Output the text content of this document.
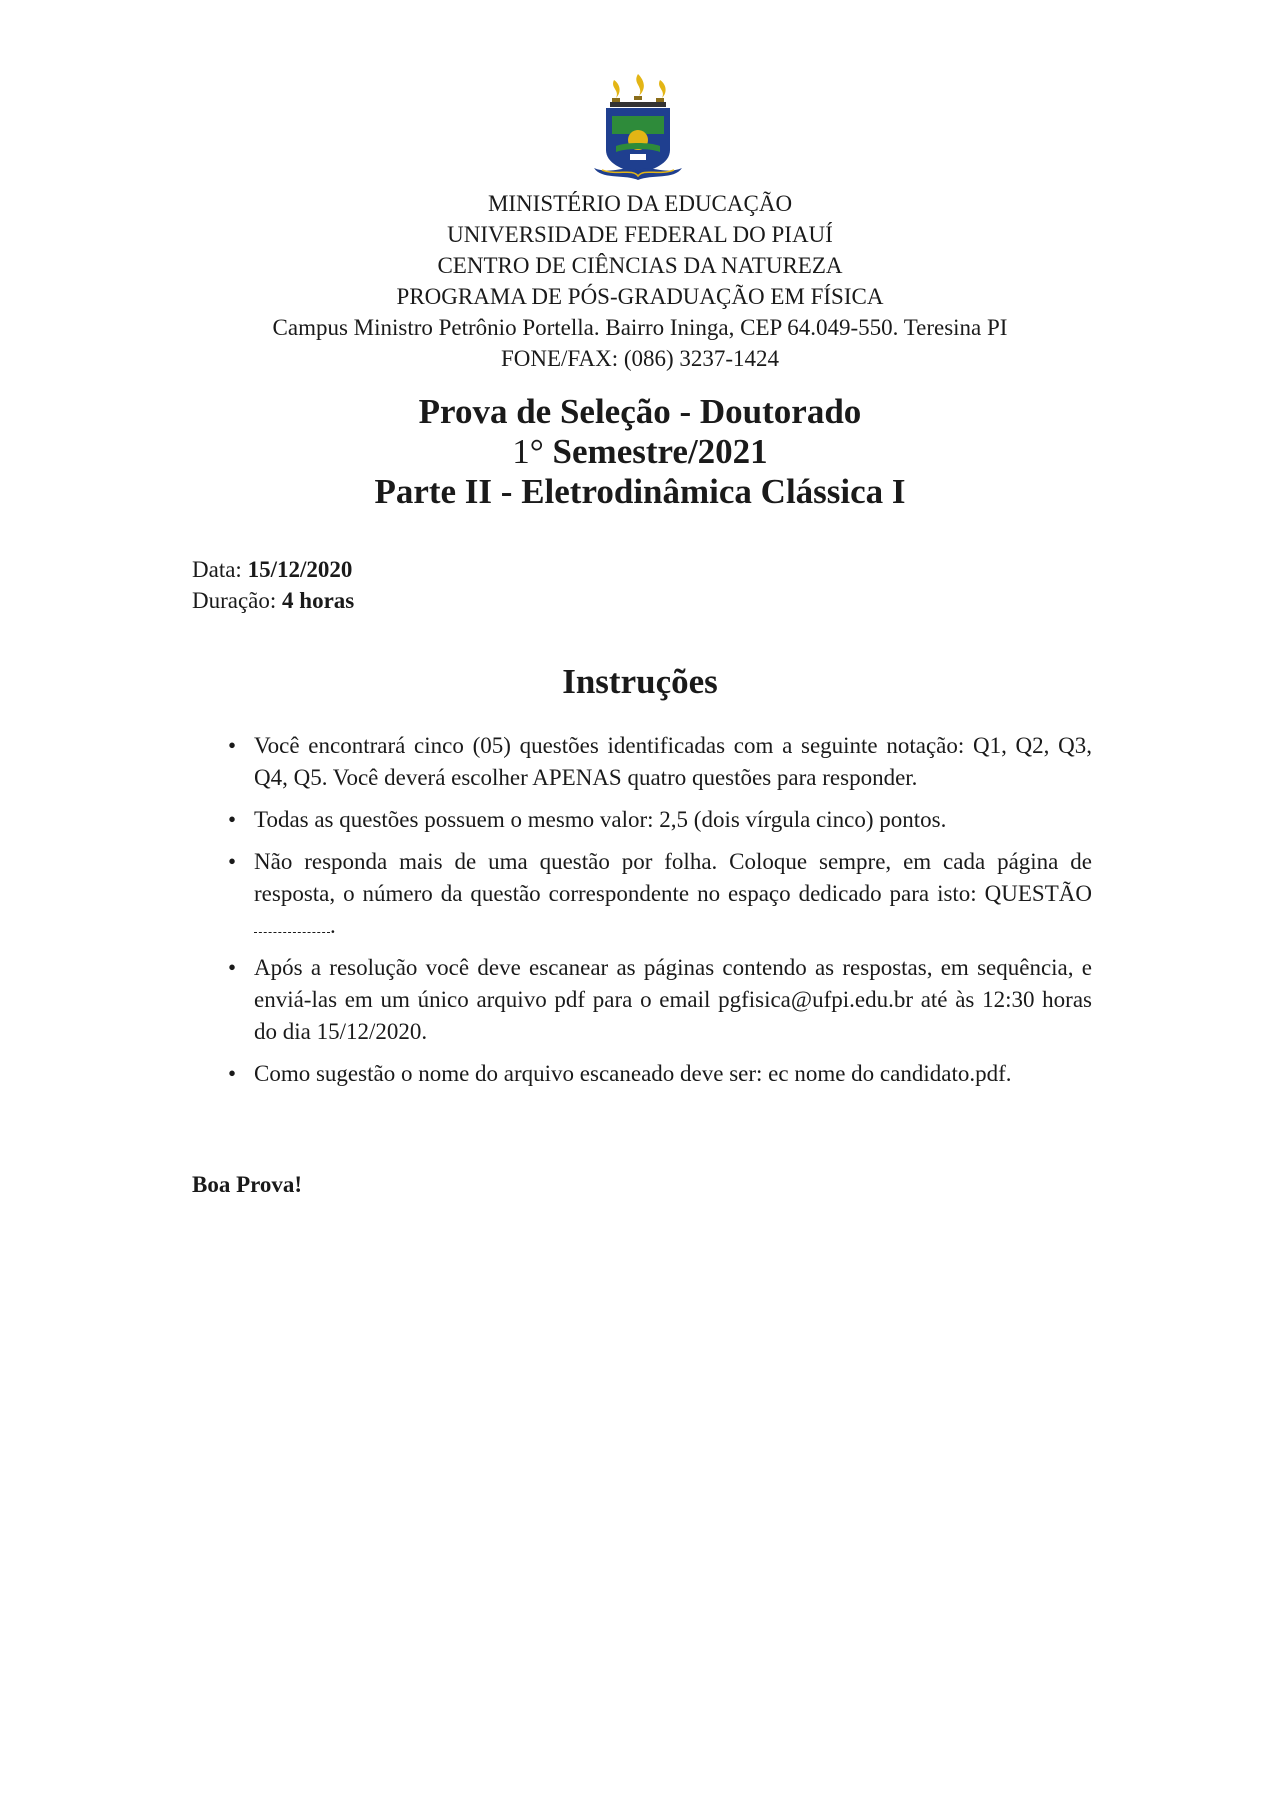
MINISTÉRIO DA EDUCAÇÃO
UNIVERSIDADE FEDERAL DO PIAUÍ
CENTRO DE CIÊNCIAS DA NATUREZA
PROGRAMA DE PÓS-GRADUAÇÃO EM FÍSICA
Campus Ministro Petrônio Portella. Bairro Ininga, CEP 64.049-550. Teresina PI
FONE/FAX: (086) 3237-1424
Prova de Seleção - Doutorado
1° Semestre/2021
Parte II - Eletrodinâmica Clássica I
Data: 15/12/2020
Duração: 4 horas
Instruções
• Você encontrará cinco (05) questões identificadas com a seguinte notação: Q1, Q2, Q3, Q4, Q5. Você deverá escolher APENAS quatro questões para responder.
• Todas as questões possuem o mesmo valor: 2,5 (dois vírgula cinco) pontos.
• Não responda mais de uma questão por folha. Coloque sempre, em cada página de resposta, o número da questão correspondente no espaço dedicado para isto: QUESTÃO .
• Após a resolução você deve escanear as páginas contendo as respostas, em sequência, e enviá-las em um único arquivo pdf para o email pgfisica@ufpi.edu.br até às 12:30 horas do dia 15/12/2020.
• Como sugestão o nome do arquivo escaneado deve ser: ec nome do candidato.pdf.
Boa Prova!
